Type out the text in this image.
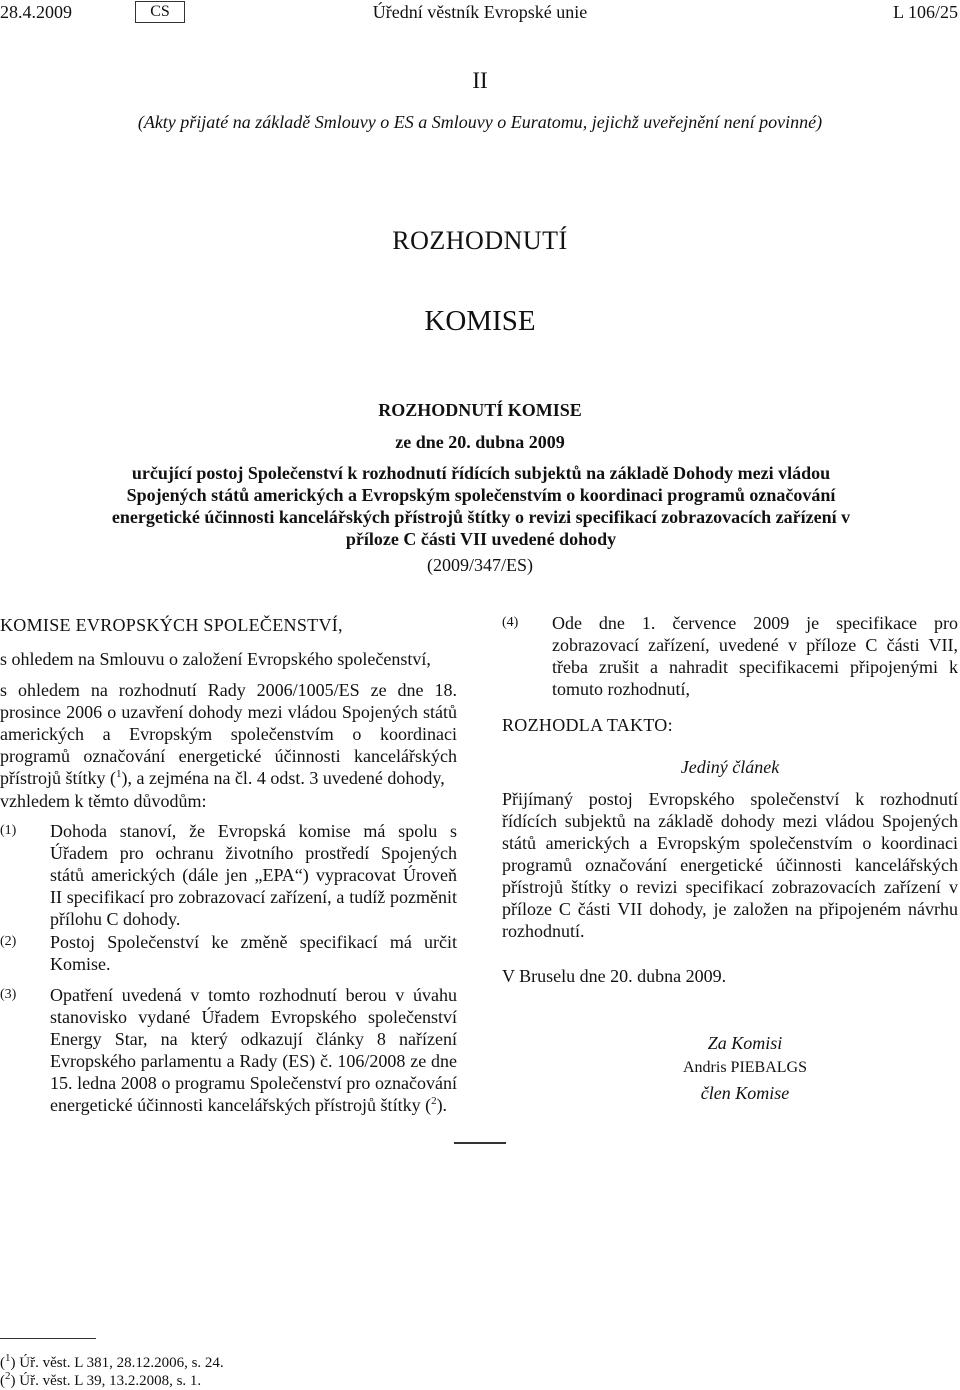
28.4.2009	CS	Úřední věstník Evropské unie	L 106/25
II
(Akty přijaté na základě Smlouvy o ES a Smlouvy o Euratomu, jejichž uveřejnění není povinné)
ROZHODNUTÍ
KOMISE
ROZHODNUTÍ KOMISE
ze dne 20. dubna 2009
určující postoj Společenství k rozhodnutí řídících subjektů na základě Dohody mezi vládou Spojených států amerických a Evropským společenstvím o koordinaci programů označování energetické účinnosti kancelářských přístrojů štítky o revizi specifikací zobrazovacích zařízení v příloze C části VII uvedené dohody
(2009/347/ES)

KOMISE EVROPSKÝCH SPOLEČENSTVÍ,

s ohledem na Smlouvu o založení Evropského společenství,

s ohledem na rozhodnutí Rady 2006/1005/ES ze dne 18. prosince 2006 o uzavření dohody mezi vládou Spojených států amerických a Evropským společenstvím o koordinaci programů označování energetické účinnosti kancelářských přístrojů štítky ($^1$), a zejména na čl. 4 odst. 3 uvedené dohody,

vzhledem k těmto důvodům:

(1)	Dohoda stanoví, že Evropská komise má spolu s Úřadem pro ochranu životního prostředí Spojených států amerických (dále jen „EPA“) vypracovat Úroveň II specifikací pro zobrazovací zařízení, a tudíž pozměnit přílohu C dohody.
(2)	Postoj Společenství ke změně specifikací má určit Komise.
(3)	Opatření uvedená v tomto rozhodnutí berou v úvahu stanovisko vydané Úřadem Evropského společenství Energy Star, na který odkazují články 8 nařízení Evropského parlamentu a Rady (ES) č. 106/2008 ze dne 15. ledna 2008 o programu Společenství pro označování energetické účinnosti kancelářských přístrojů štítky ($^2$).
(4)	Ode dne 1. července 2009 je specifikace pro zobrazovací zařízení, uvedené v příloze C části VII, třeba zrušit a nahradit specifikacemi připojenými k tomuto rozhodnutí,

ROZHODLA TAKTO:

Jediný článek

Přijímaný postoj Evropského společenství k rozhodnutí řídících subjektů na základě dohody mezi vládou Spojených států amerických a Evropským společenstvím o koordinaci programů označování energetické účinnosti kancelářských přístrojů štítky o revizi specifikací zobrazovacích zařízení v příloze C části VII dohody, je založen na připojeném návrhu rozhodnutí.

V Bruselu dne 20. dubna 2009.
Za Komisi
Andris PIEBALGS
člen Komise
($^1$) Úř. věst. L 381, 28.12.2006, s. 24.
($^2$) Úř. věst. L 39, 13.2.2008, s. 1.
